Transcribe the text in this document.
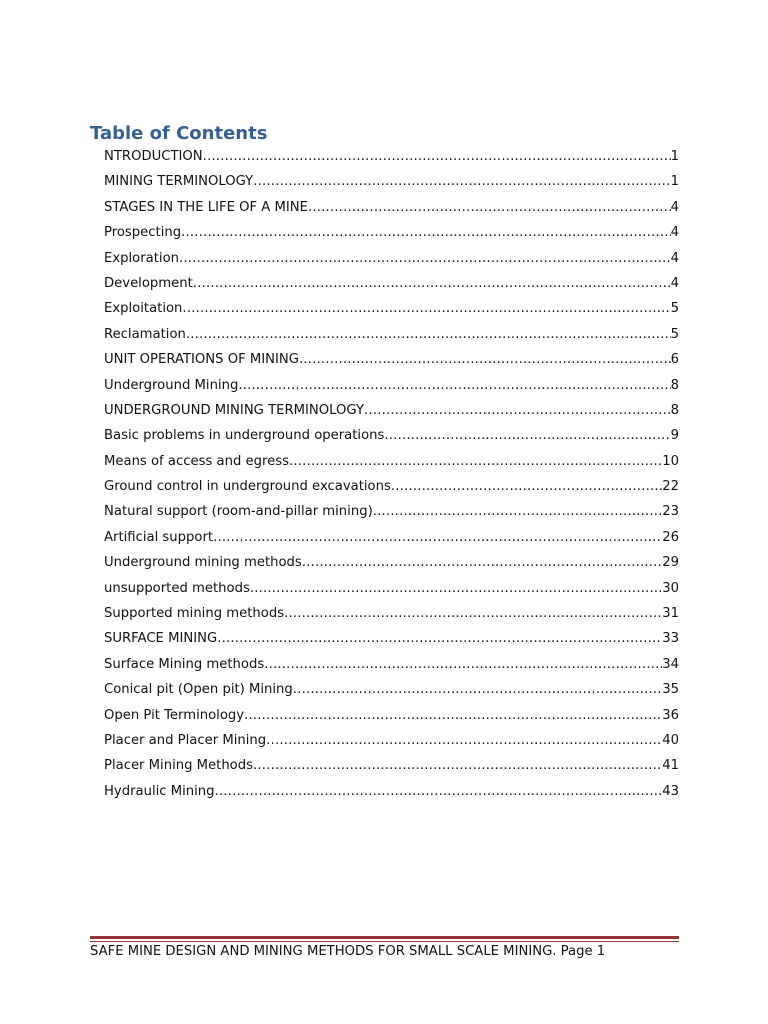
Table of Contents
NTRODUCTION .....	1
MINING TERMINOLOGY .....	1
STAGES IN THE LIFE OF A MINE .....	4
Prospecting .....	4
Exploration .....	4
Development .....	4
Exploitation .....	5
Reclamation .....	5
UNIT OPERATIONS OF MINING .....	6
Underground Mining .....	8
UNDERGROUND MINING TERMINOLOGY .....	8
Basic problems in underground operations .....	9
Means of access and egress .....	10
Ground control in underground excavations .....	22
Natural support (room-and-pillar mining) .....	23
Artificial support .....	26
Underground mining methods .....	29
unsupported methods .....	30
Supported mining methods .....	31
SURFACE MINING .....	33
Surface Mining methods .....	34
Conical pit (Open pit) Mining .....	35
Open Pit Terminology .....	36
Placer and Placer Mining .....	40
Placer Mining Methods .....	41
Hydraulic Mining .....	43
SAFE MINE DESIGN AND MINING METHODS FOR SMALL SCALE MINING. Page 1
